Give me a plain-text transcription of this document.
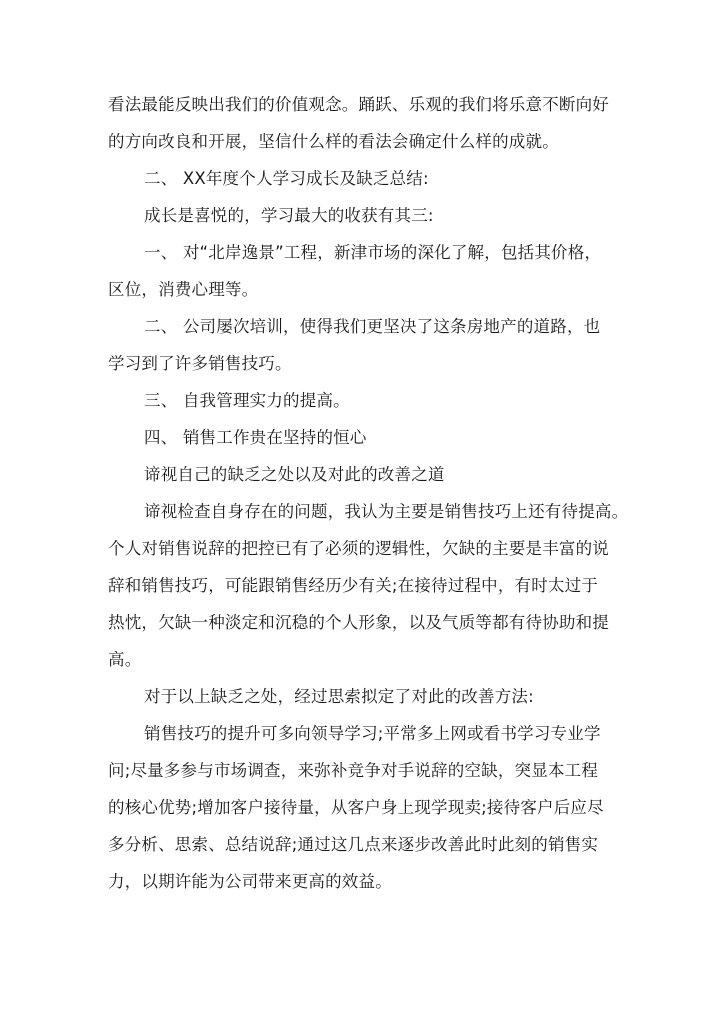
看法最能反映出我们的价值观念。踊跃、乐观的我们将乐意不断向好
的方向改良和开展，坚信什么样的看法会确定什么样的成就。
二、 XX年度个人学习成长及缺乏总结:
成长是喜悦的，学习最大的收获有其三:
一、 对“北岸逸景”工程，新津市场的深化了解，包括其价格，
区位，消费心理等。
二、 公司屡次培训，使得我们更坚决了这条房地产的道路，也
学习到了许多销售技巧。
三、 自我管理实力的提高。
四、 销售工作贵在坚持的恒心
谛视自己的缺乏之处以及对此的改善之道
谛视检查自身存在的问题，我认为主要是销售技巧上还有待提高。
个人对销售说辞的把控已有了必须的逻辑性，欠缺的主要是丰富的说
辞和销售技巧，可能跟销售经历少有关;在接待过程中，有时太过于
热忱，欠缺一种淡定和沉稳的个人形象，以及气质等都有待协助和提
高。
对于以上缺乏之处，经过思索拟定了对此的改善方法:
销售技巧的提升可多向领导学习;平常多上网或看书学习专业学
问;尽量多参与市场调查，来弥补竞争对手说辞的空缺，突显本工程
的核心优势;增加客户接待量，从客户身上现学现卖;接待客户后应尽
多分析、思索、总结说辞;通过这几点来逐步改善此时此刻的销售实
力，以期许能为公司带来更高的效益。
